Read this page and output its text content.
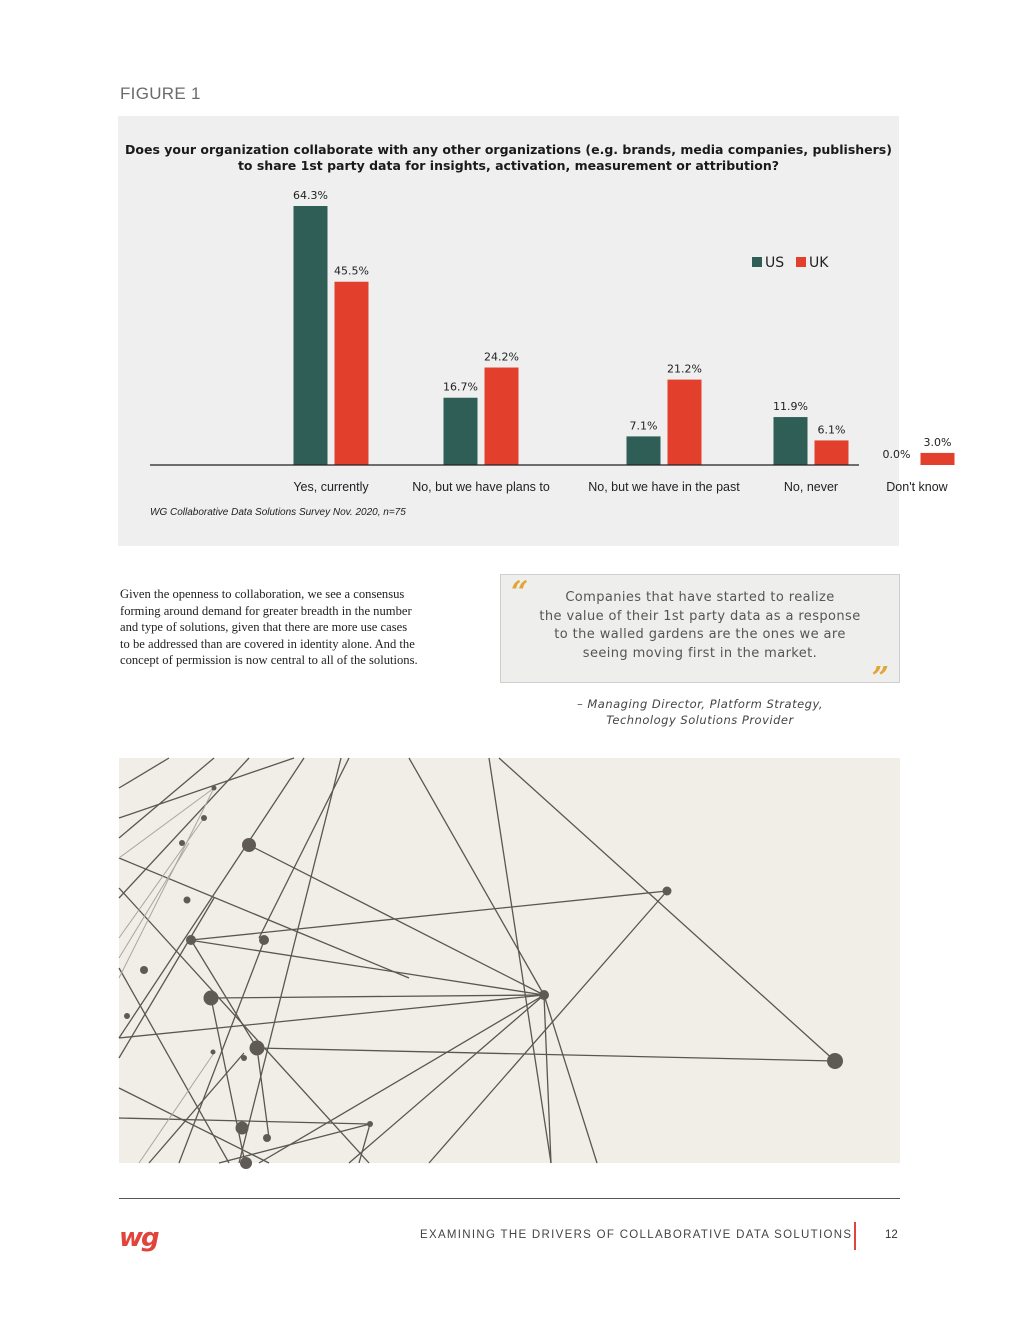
FIGURE 1
Does your organization collaborate with any other organizations (e.g. brands, media companies, publishers)
to share 1st party data for insights, activation, measurement or attribution?
64.3%
45.5%
Yes, currently
16.7%
24.2%
No, but we have plans to
7.1%
21.2%
No, but we have in the past
11.9%
6.1%
No, never
0.0%
3.0%
Don't know
US UK
WG Collaborative Data Solutions Survey Nov. 2020, n=75
Given the openness to collaboration, we see a consensus
forming around demand for greater breadth in the number
and type of solutions, given that there are more use cases
to be addressed than are covered in identity alone. And the
concept of permission is now central to all of the solutions.
“	Companies that have started to realize
the value of their 1st party data as a response
to the walled gardens are the ones we are
seeing moving first in the market.
”
– Managing Director, Platform Strategy,
Technology Solutions Provider
wg	EXAMINING THE DRIVERS OF COLLABORATIVE DATA SOLUTIONS	12
